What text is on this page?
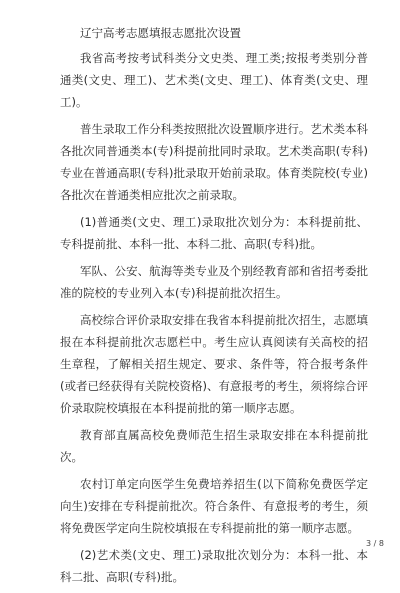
辽宁高考志愿填报志愿批次设置

我省高考按考试科类分文史类、理工类;按报考类别分普通类(文史、理工)、艺术类(文史、理工)、体育类(文史、理工)。

普生录取工作分科类按照批次设置顺序进行。艺术类本科各批次同普通类本(专)科提前批同时录取。艺术类高职(专科)专业在普通高职(专科)批录取开始前录取。体育类院校(专业)各批次在普通类相应批次之前录取。

(1)普通类(文史、理工)录取批次划分为：本科提前批、专科提前批、本科一批、本科二批、高职(专科)批。

军队、公安、航海等类专业及个别经教育部和省招考委批准的院校的专业列入本(专)科提前批次招生。

高校综合评价录取安排在我省本科提前批次招生，志愿填报在本科提前批次志愿栏中。考生应认真阅读有关高校的招生章程，了解相关招生规定、要求、条件等，符合报考条件(或者已经获得有关院校资格)、有意报考的考生，须将综合评价录取院校填报在本科提前批的第一顺序志愿。

教育部直属高校免费师范生招生录取安排在本科提前批次。

农村订单定向医学生免费培养招生(以下简称免费医学定向生)安排在专科提前批次。符合条件、有意报考的考生，须将免费医学定向生院校填报在专科提前批的第一顺序志愿。

(2)艺术类(文史、理工)录取批次划分为：本科一批、本科二批、高职(专科)批。

3 / 8
